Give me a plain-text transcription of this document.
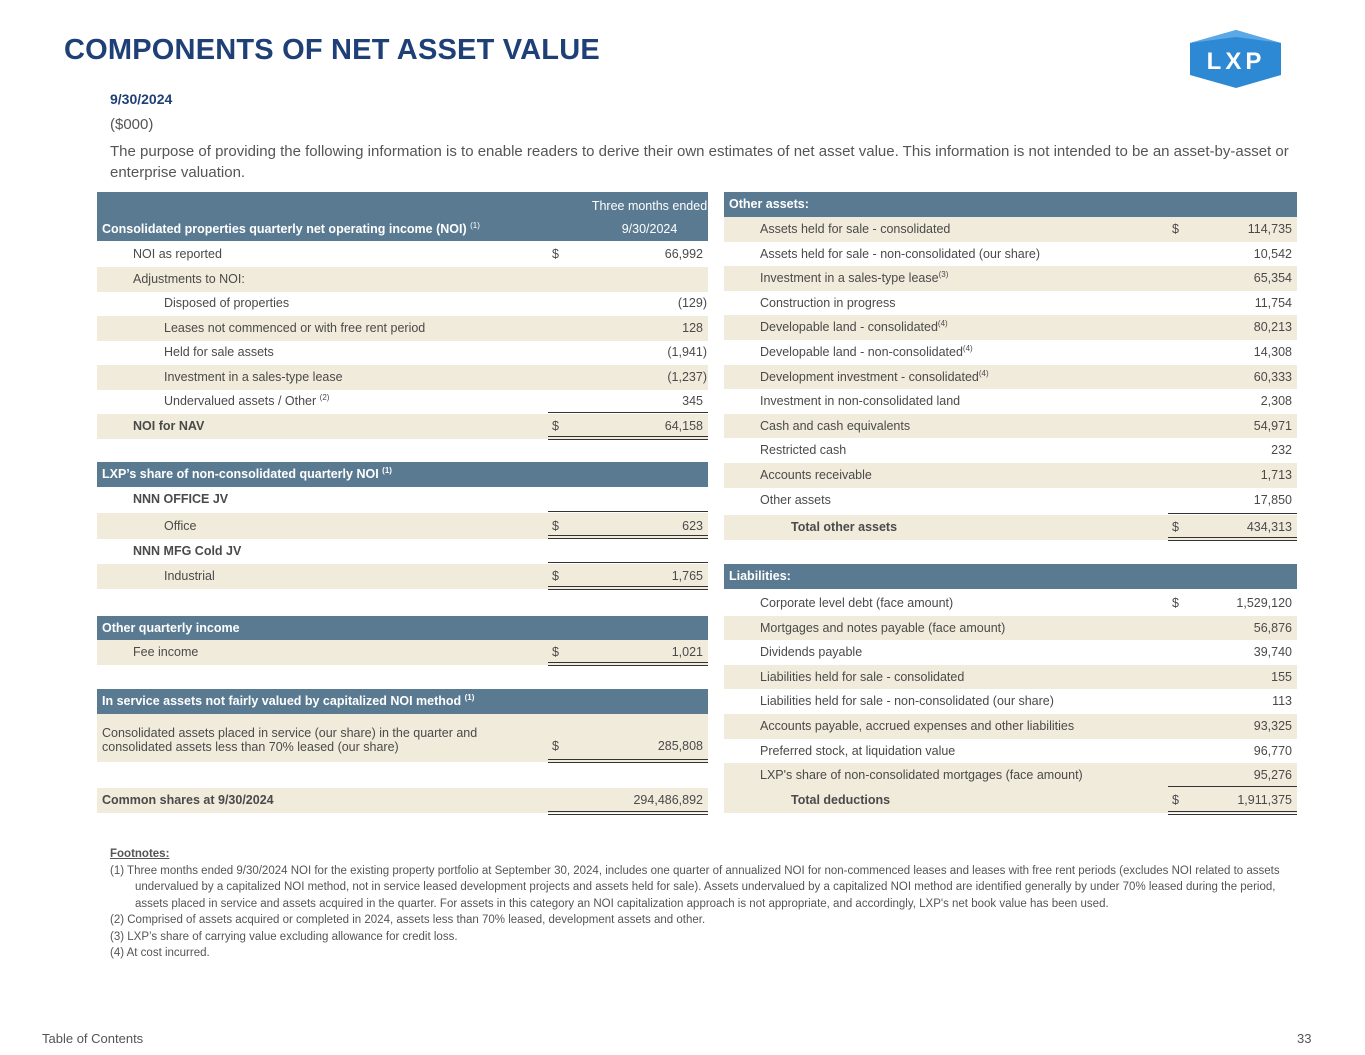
COMPONENTS OF NET ASSET VALUE	LXP
9/30/2024
($000)
The purpose of providing the following information is to enable readers to derive their own estimates of net asset value. This information is not intended to be an asset-by-asset or enterprise valuation.
Three months ended
Consolidated properties quarterly net operating income (NOI) $^{(1)}$	9/30/2024
NOI as reported	$	66,992
Adjustments to NOI:
Disposed of properties	(129)
Leases not commenced or with free rent period	128
Held for sale assets	(1,941)
Investment in a sales-type lease	(1,237)
Undervalued assets / Other $^{(2)}$	345
NOI for NAV	$	64,158
LXP’s share of non-consolidated quarterly NOI $^{(1)}$
NNN OFFICE JV
Office	$	623
NNN MFG Cold JV
Industrial	$	1,765
Other quarterly income
Fee income	$	1,021
In service assets not fairly valued by capitalized NOI method $^{(1)}$
Consolidated assets placed in service (our share) in the quarter and
consolidated assets less than 70% leased (our share)	$	285,808
Common shares at 9/30/2024	294,486,892
Other assets:
Assets held for sale - consolidated	$	114,735
Assets held for sale - non-consolidated (our share)	10,542
Investment in a sales-type lease$^{(3)}$	65,354
Construction in progress	11,754
Developable land - consolidated$^{(4)}$	80,213
Developable land - non-consolidated$^{(4)}$	14,308
Development investment - consolidated$^{(4)}$	60,333
Investment in non-consolidated land	2,308
Cash and cash equivalents	54,971
Restricted cash	232
Accounts receivable	1,713
Other assets	17,850
Total other assets	$	434,313
Liabilities:
Corporate level debt (face amount)	$	1,529,120
Mortgages and notes payable (face amount)	56,876
Dividends payable	39,740
Liabilities held for sale - consolidated	155
Liabilities held for sale - non-consolidated (our share)	113
Accounts payable, accrued expenses and other liabilities	93,325
Preferred stock, at liquidation value	96,770
LXP's share of non-consolidated mortgages (face amount)	95,276
Total deductions	$	1,911,375
Footnotes:
(1) Three months ended 9/30/2024 NOI for the existing property portfolio at September 30, 2024, includes one quarter of annualized NOI for non-commenced leases and leases with free rent periods (excludes NOI related to assets undervalued by a capitalized NOI method, not in service leased development projects and assets held for sale). Assets undervalued by a capitalized NOI method are identified generally by under 70% leased during the period, assets placed in service and assets acquired in the quarter. For assets in this category an NOI capitalization approach is not appropriate, and accordingly, LXP's net book value has been used.
(2) Comprised of assets acquired or completed in 2024, assets less than 70% leased, development assets and other.
(3) LXP’s share of carrying value excluding allowance for credit loss.
(4) At cost incurred.
Table of Contents	33
